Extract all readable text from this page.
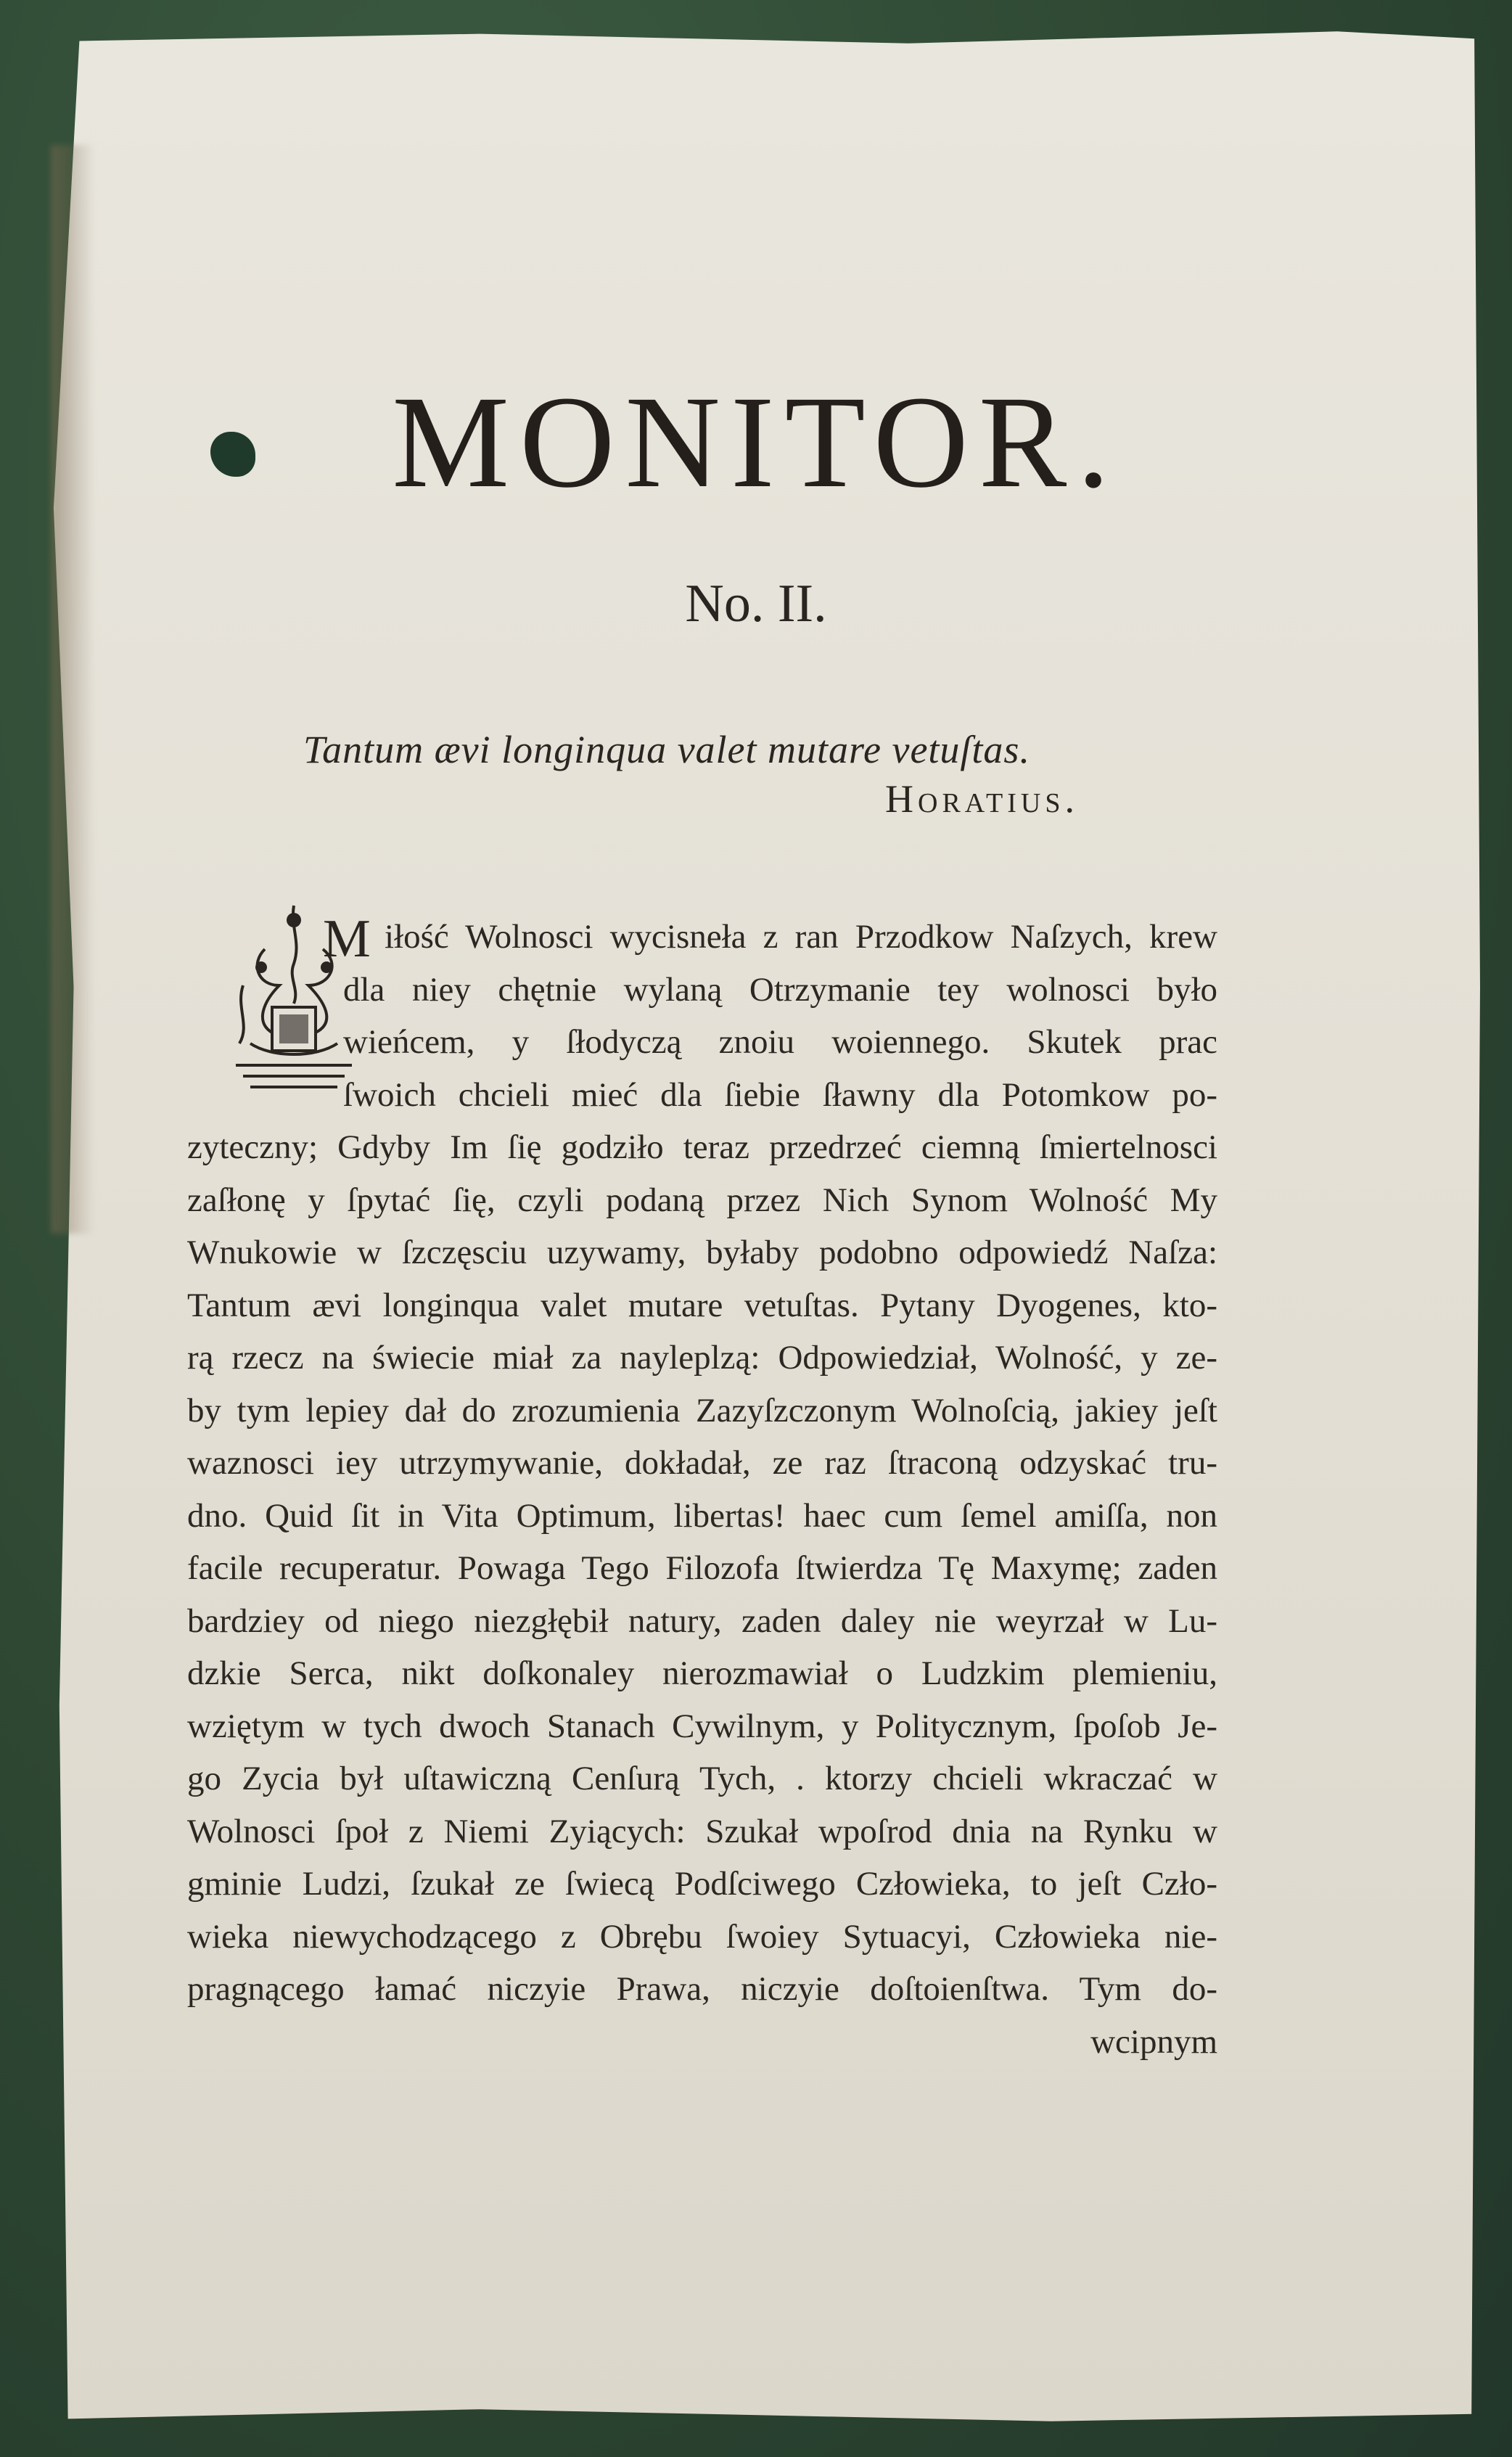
MONITOR.
No. II.
Tantum ævi longinqua valet mutare vetuſtas.
Horatius.
M iłość Wolnosci wycisneła z ran Przodkow Naſzych, krew
dla niey chętnie wylaną Otrzymanie tey wolnosci było
wieńcem, y ſłodyczą znoiu woiennego. Skutek prac
ſwoich chcieli mieć dla ſiebie ſławny dla Potomkow po-
zyteczny; Gdyby Im ſię godziło teraz przedrzeć ciemną ſmiertelnosci
zaſłonę y ſpytać ſię, czyli podaną przez Nich Synom Wolność My
Wnukowie w ſzczęsciu uzywamy, byłaby podobno odpowiedź Naſza:
Tantum ævi longinqua valet mutare vetuſtas. Pytany Dyogenes, kto-
rą rzecz na świecie miał za nayleplzą: Odpowiedział, Wolność, y ze-
by tym lepiey dał do zrozumienia Zazyſzczonym Wolnoſcią, jakiey jeſt
waznosci iey utrzymywanie, dokładał, ze raz ſtraconą odzyskać tru-
dno. Quid ſit in Vita Optimum, libertas! haec cum ſemel amiſſa, non
facile recuperatur. Powaga Tego Filozofa ſtwierdza Tę Maxymę; zaden
bardziey od niego niezgłębił natury, zaden daley nie weyrzał w Lu-
dzkie Serca, nikt doſkonaley nierozmawiał o Ludzkim plemieniu,
wziętym w tych dwoch Stanach Cywilnym, y Politycznym, ſpoſob Je-
go Zycia był uſtawiczną Cenſurą Tych, . ktorzy chcieli wkraczać w
Wolnosci ſpoł z Niemi Zyiących: Szukał wpoſrod dnia na Rynku w
gminie Ludzi, ſzukał ze ſwiecą Podſciwego Człowieka, to jeſt Czło-
wieka niewychodzącego z Obrębu ſwoiey Sytuacyi, Człowieka nie-
pragnącego łamać niczyie Prawa, niczyie doſtoienſtwa. Tym do-
wcipnym
